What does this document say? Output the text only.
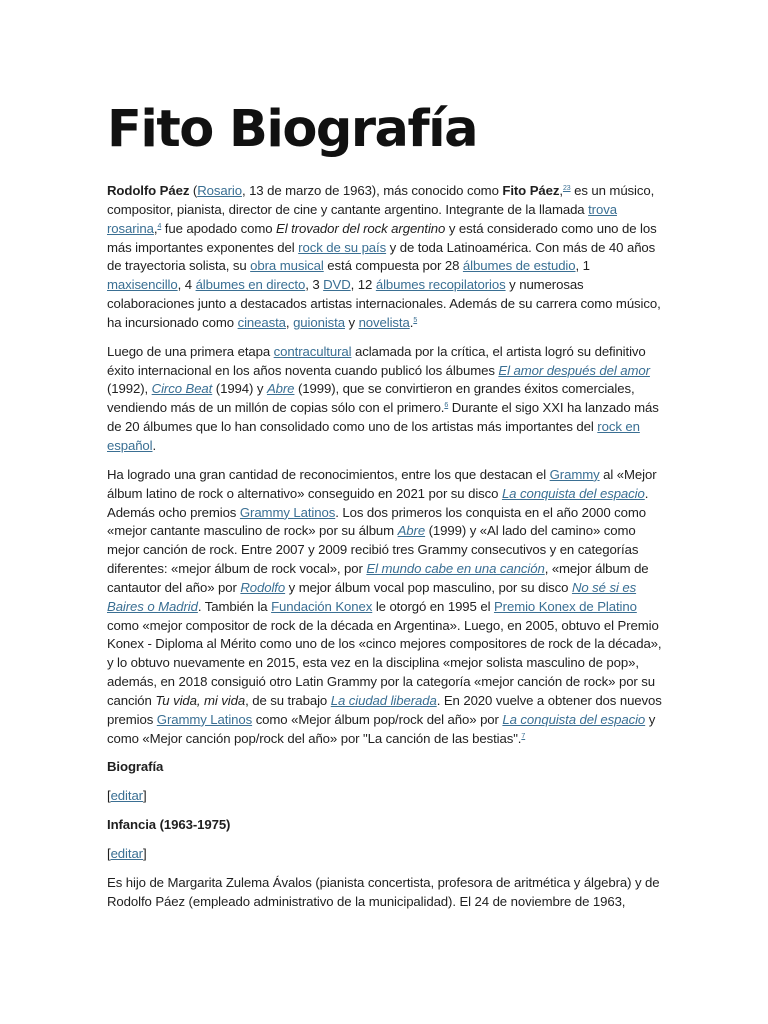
Fito Biografía

Rodolfo Páez (Rosario, 13 de marzo de 1963), más conocido como Fito Páez,$^{23}$ es un músico, compositor, pianista, director de cine y cantante argentino. Integrante de la llamada trova rosarina,$^4$ fue apodado como El trovador del rock argentino y está considerado como uno de los más importantes exponentes del rock de su país y de toda Latinoamérica. Con más de 40 años de trayectoria solista, su obra musical está compuesta por 28 álbumes de estudio, 1 maxisencillo, 4 álbumes en directo, 3 DVD, 12 álbumes recopilatorios y numerosas colaboraciones junto a destacados artistas internacionales. Además de su carrera como músico, ha incursionado como cineasta, guionista y novelista.$^5$

Luego de una primera etapa contracultural aclamada por la crítica, el artista logró su definitivo éxito internacional en los años noventa cuando publicó los álbumes El amor después del amor (1992), Circo Beat (1994) y Abre (1999), que se convirtieron en grandes éxitos comerciales, vendiendo más de un millón de copias sólo con el primero.$^6$ Durante el sigo XXI ha lanzado más de 20 álbumes que lo han consolidado como uno de los artistas más importantes del rock en español.

Ha logrado una gran cantidad de reconocimientos, entre los que destacan el Grammy al «Mejor álbum latino de rock o alternativo» conseguido en 2021 por su disco La conquista del espacio. Además ocho premios Grammy Latinos. Los dos primeros los conquista en el año 2000 como «mejor cantante masculino de rock» por su álbum Abre (1999) y «Al lado del camino» como mejor canción de rock. Entre 2007 y 2009 recibió tres Grammy consecutivos y en categorías diferentes: «mejor álbum de rock vocal», por El mundo cabe en una canción, «mejor álbum de cantautor del año» por Rodolfo y mejor álbum vocal pop masculino, por su disco No sé si es Baires o Madrid. También la Fundación Konex le otorgó en 1995 el Premio Konex de Platino como «mejor compositor de rock de la década en Argentina». Luego, en 2005, obtuvo el Premio Konex - Diploma al Mérito como uno de los «cinco mejores compositores de rock de la década», y lo obtuvo nuevamente en 2015, esta vez en la disciplina «mejor solista masculino de pop», además, en 2018 consiguió otro Latin Grammy por la categoría «mejor canción de rock» por su canción Tu vida, mi vida, de su trabajo La ciudad liberada. En 2020 vuelve a obtener dos nuevos premios Grammy Latinos como «Mejor álbum pop/rock del año» por La conquista del espacio y como «Mejor canción pop/rock del año» por "La canción de las bestias".$^7$

Biografía

[editar]

Infancia (1963-1975)

[editar]

Es hijo de Margarita Zulema Ávalos (pianista concertista, profesora de aritmética y álgebra) y de Rodolfo Páez (empleado administrativo de la municipalidad). El 24 de noviembre de 1963,
